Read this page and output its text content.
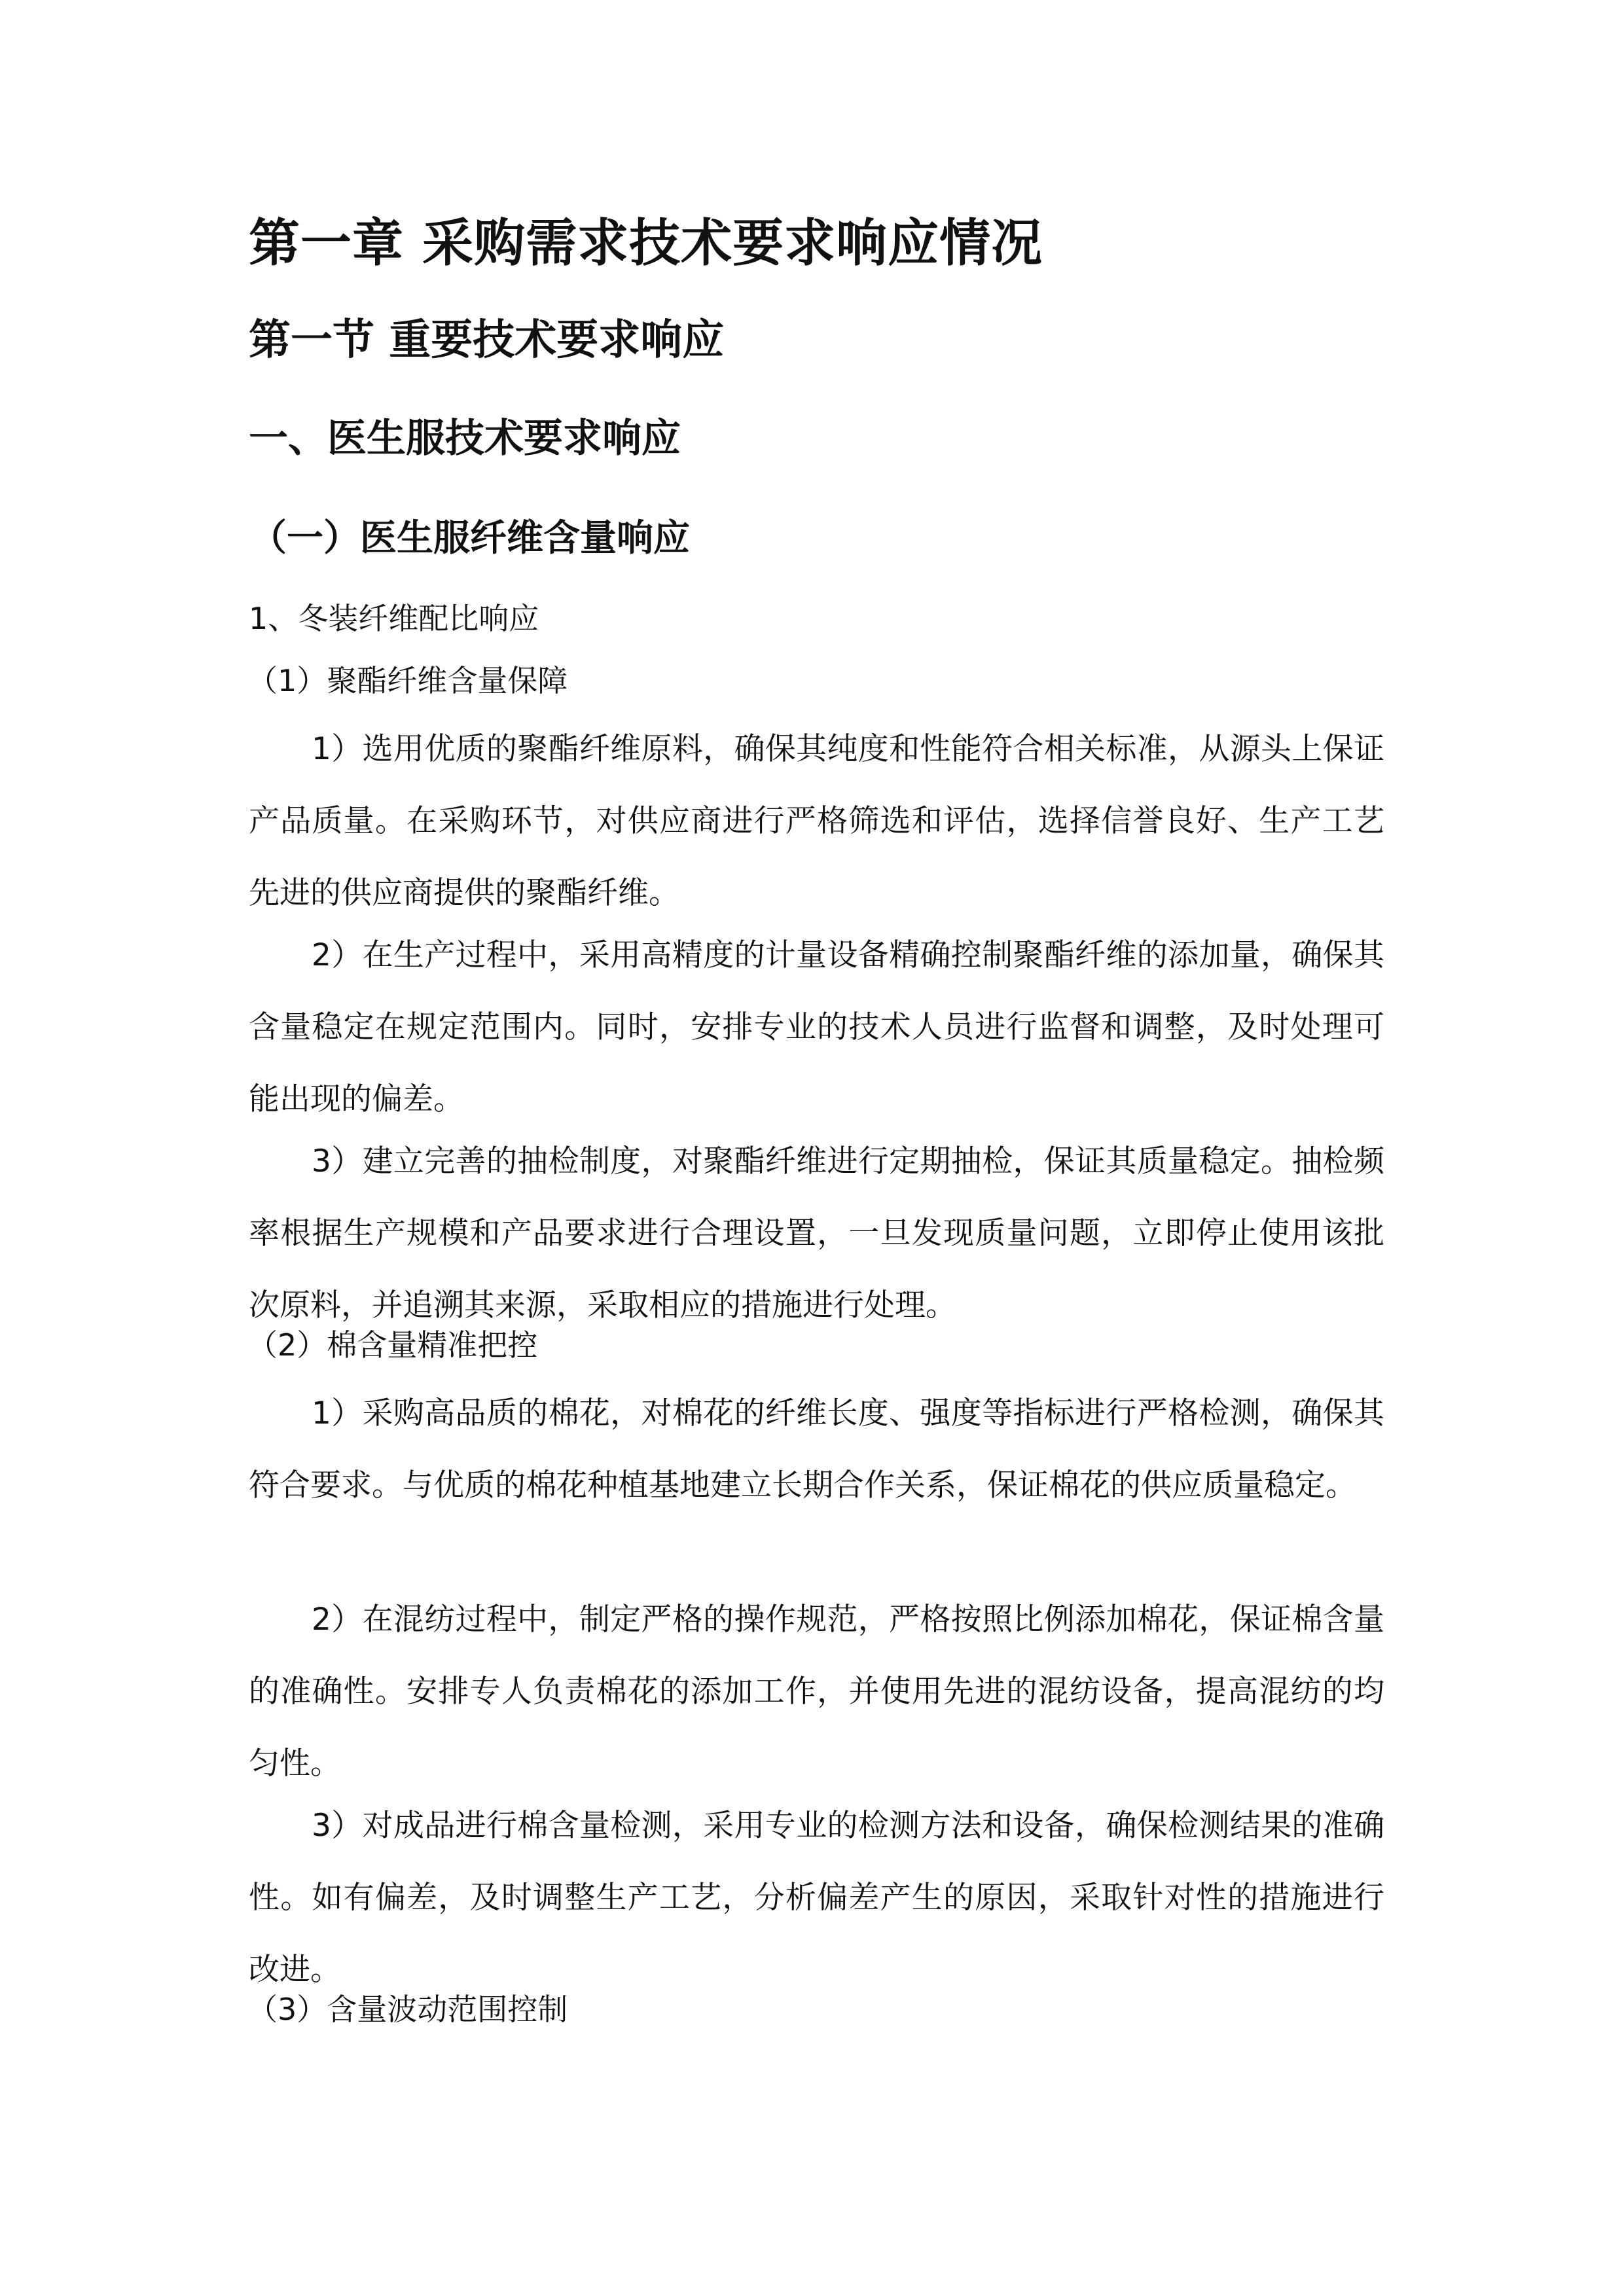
第一章 采购需求技术要求响应情况
第一节 重要技术要求响应
一、医生服技术要求响应
（一）医生服纤维含量响应
1、冬装纤维配比响应
（1）聚酯纤维含量保障

1）选用优质的聚酯纤维原料，确保其纯度和性能符合相关标准，从源头上保证产品质量。在采购环节，对供应商进行严格筛选和评估，选择信誉良好、生产工艺先进的供应商提供的聚酯纤维。

2）在生产过程中，采用高精度的计量设备精确控制聚酯纤维的添加量，确保其含量稳定在规定范围内。同时，安排专业的技术人员进行监督和调整，及时处理可能出现的偏差。

3）建立完善的抽检制度，对聚酯纤维进行定期抽检，保证其质量稳定。抽检频率根据生产规模和产品要求进行合理设置，一旦发现质量问题，立即停止使用该批次原料，并追溯其来源，采取相应的措施进行处理。

（2）棉含量精准把控

1）采购高品质的棉花，对棉花的纤维长度、强度等指标进行严格检测，确保其符合要求。与优质的棉花种植基地建立长期合作关系，保证棉花的供应质量稳定。

2）在混纺过程中，制定严格的操作规范，严格按照比例添加棉花，保证棉含量的准确性。安排专人负责棉花的添加工作，并使用先进的混纺设备，提高混纺的均匀性。

3）对成品进行棉含量检测，采用专业的检测方法和设备，确保检测结果的准确性。如有偏差，及时调整生产工艺，分析偏差产生的原因，采取针对性的措施进行改进。

（3）含量波动范围控制
